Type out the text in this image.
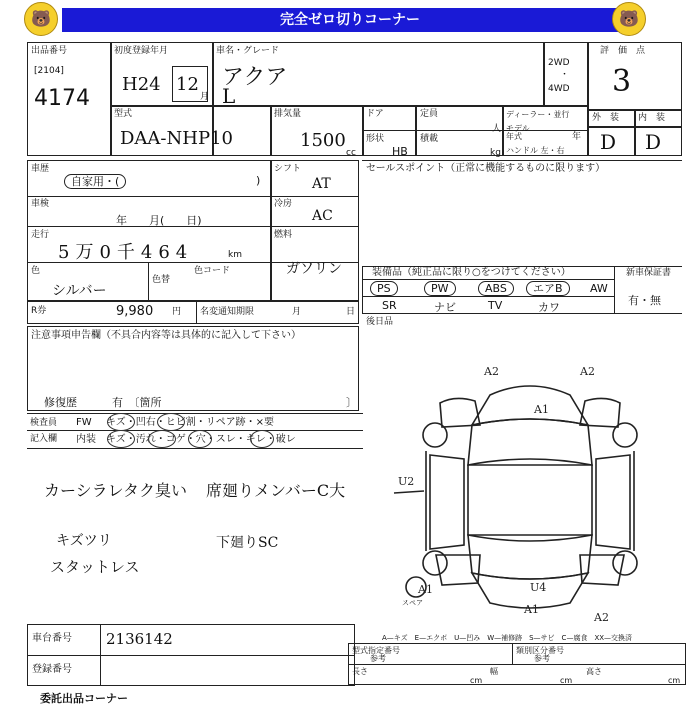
🐻	完全ゼロ切りコーナー	🐻
出品番号
[2104]
4174
初度登録年月
H24 12
月
車名・グレード
アクア
L
2WD
・
4WD
評　価　点
3
外　装 内　装
D D
型式
DAA-NHP10
排気量
1500
cc
ドア
形状
HB
定員
人
積載
kg
ディーラー・並行
モデル
年式	年
ハンドル 左・右
車歴
自家用・(	)
車検
年　　月(　　日)
走行
5万0千464	km
色
シルバー
色替
色コード
R券	9,980 円 名変通知期限	月	日
シフト
AT
冷房
AC
燃料
ガソリン
セールスポイント（正常に機能するものに限ります）
装備品（純正品に限り○をつけてください）	新車保証書
有・無
PS	PW	ABS	エアB	AW
SR	ナビ	TV	カワ
後日品
注意事項申告欄（不具合内容等は具体的に記入して下さい）
修復歴	有　〔箇所	〕
検査員
記入欄
FW キズ・凹右・ヒビ割・リペア跡・×要
内装 キズ・汚れ・コゲ・穴・スレ・キレ・破レ
カーシラレタク臭い 席廻りメンバーC大
キズツリ	下廻りSC
スタットレス
A2	A2
A1
U2
A1	U4
A1
A2
スペア
A—キズ　E—エクボ　U—凹み　W—補修跡　S—サビ　C—腐食　XX—交換済
車台番号 2136142
登録番号
型式指定番号
参考
類別区分番号
参考
長さ
cm
幅
cm
高さ
cm
委託出品コーナー
